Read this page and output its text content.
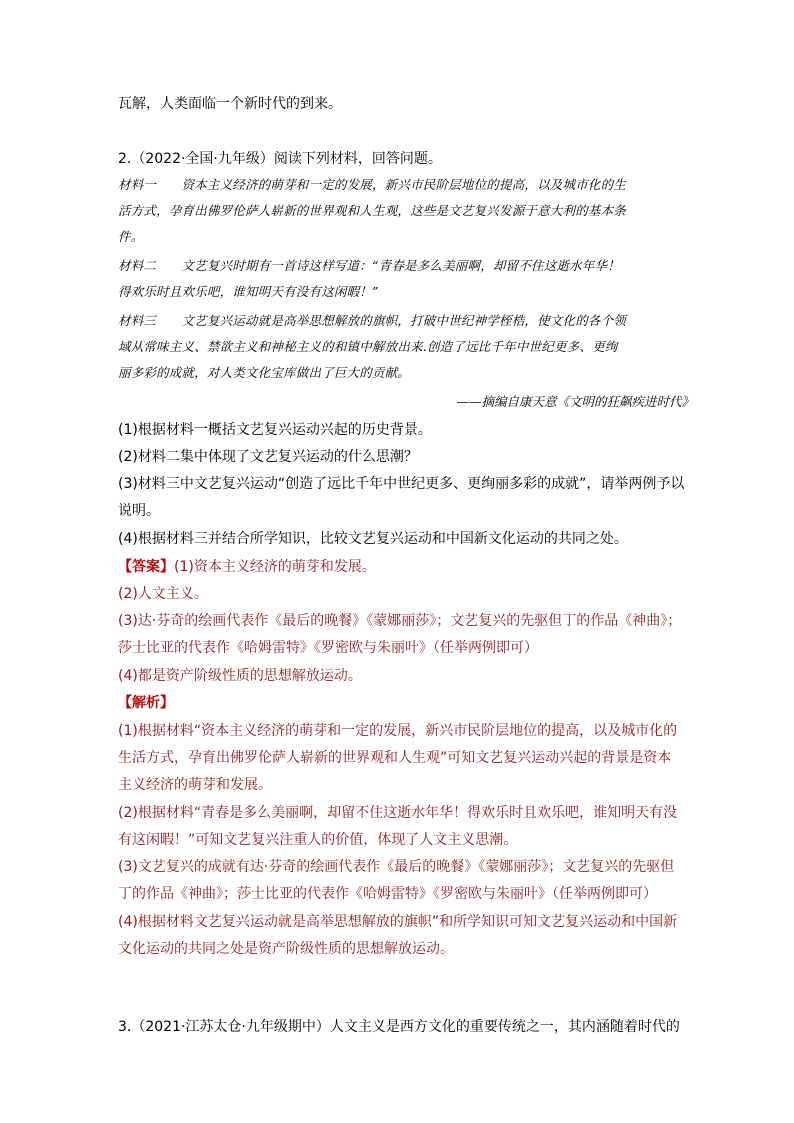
瓦解，人类面临一个新时代的到来。
2.（2022·全国·九年级）阅读下列材料，回答问题。
材料一　　资本主义经济的萌芽和一定的发展，新兴市民阶层地位的提高，以及城市化的生
活方式，孕育出佛罗伦萨人崭新的世界观和人生观，这些是文艺复兴发源于意大利的基本条
件。
材料二　　文艺复兴时期有一首诗这样写道：“青春是多么美丽啊，却留不住这逝水年华！
得欢乐时且欢乐吧，谁知明天有没有这闲暇！”
材料三　　文艺复兴运动就是高举思想解放的旗帜，打破中世纪神学桎梏，使文化的各个领
域从常味主义、禁欲主义和神秘主义的和镇中解放出来.创造了远比千年中世纪更多、更绚
丽多彩的成就，对人类文化宝库做出了巨大的贡献。
——摘编自康天意《文明的狂飙疾进时代》
(1)根据材料一概括文艺复兴运动兴起的历史背景。
(2)材料二集中体现了文艺复兴运动的什么思潮？
(3)材料三中文艺复兴运动“创造了远比千年中世纪更多、更绚丽多彩的成就”，请举两例予以
说明。
(4)根据材料三并结合所学知识，比较文艺复兴运动和中国新文化运动的共同之处。
【答案】(1)资本主义经济的萌芽和发展。
(2)人文主义。
(3)达·芬奇的绘画代表作《最后的晚餐》《蒙娜丽莎》；文艺复兴的先驱但丁的作品《神曲》；
莎士比亚的代表作《哈姆雷特》《罗密欧与朱丽叶》（任举两例即可）
(4)都是资产阶级性质的思想解放运动。
【解析】
(1)根据材料“资本主义经济的萌芽和一定的发展，新兴市民阶层地位的提高，以及城市化的
生活方式，孕育出佛罗伦萨人崭新的世界观和人生观”可知文艺复兴运动兴起的背景是资本
主义经济的萌芽和发展。
(2)根据材料“青春是多么美丽啊，却留不住这逝水年华！得欢乐时且欢乐吧，谁知明天有没
有这闲暇！”可知文艺复兴注重人的价值，体现了人文主义思潮。
(3)文艺复兴的成就有达·芬奇的绘画代表作《最后的晚餐》《蒙娜丽莎》；文艺复兴的先驱但
丁的作品《神曲》；莎士比亚的代表作《哈姆雷特》《罗密欧与朱丽叶》（任举两例即可）
(4)根据材料文艺复兴运动就是高举思想解放的旗帜”和所学知识可知文艺复兴运动和中国新
文化运动的共同之处是资产阶级性质的思想解放运动。
3.（2021·江苏太仓·九年级期中）人文主义是西方文化的重要传统之一，其内涵随着时代的
